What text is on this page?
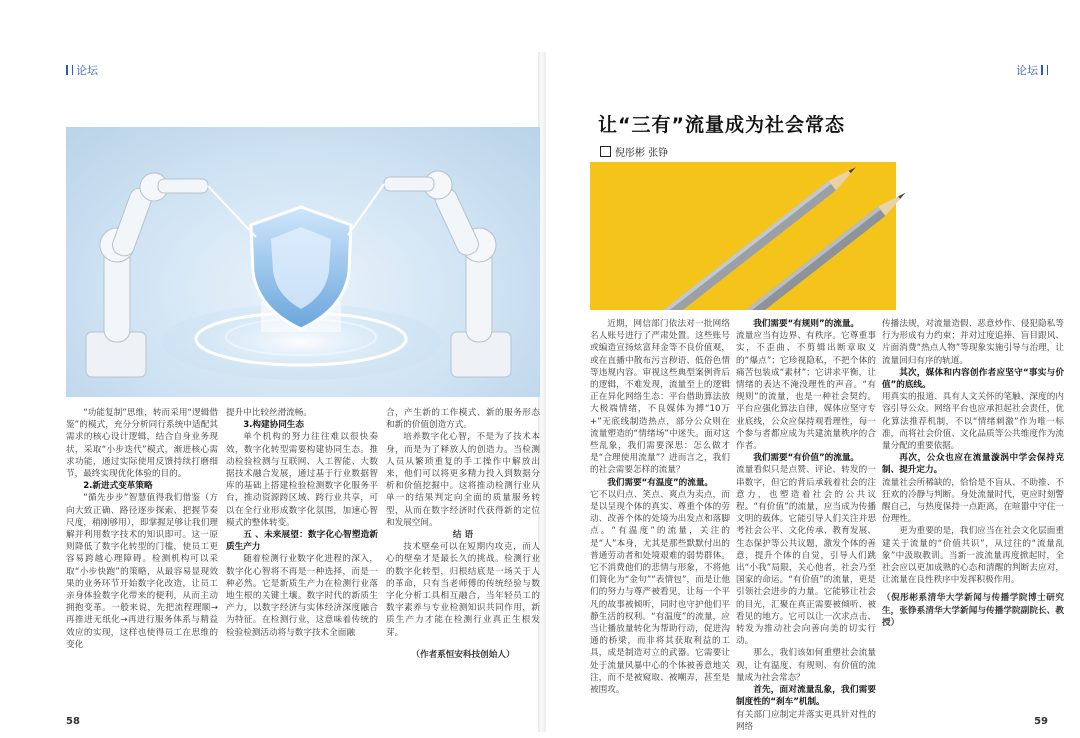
论坛

“功能复制”思维，转而采用“逻辑借鉴”的模式，充分分析同行系统中适配其需求的核心设计逻辑，结合自身业务现状，采取“小步迭代”模式，渐进核心需求功能，通过实际使用反馈持续打磨细节，最终实现优化体验的目的。

2.新进式变革策略

“循先步步”智慧值得我们借鉴（方向大致正确、路径逐步探索、把握节奏尺度，稍刚够用），即掌握足够让我们理解并利用数字技术的知识即可。这一原则降低了数字化转型的门槛，使员工更容易跨越心理障碍。检测机构可以采取“小步快跑”的策略，从最容易显现效果的业务环节开始数字化改造，让员工亲身体验数字化带来的便利，从而主动拥抱变革。一般来说，先把流程理顺→再推进无纸化→再进行服务体系与精益效应的实现，这样也使得员工在思维的变化

提升中比较丝滑流畅。

3.构建协同生态

单个机构的努力往往难以很快奏效，数字化转型需要构建协同生态。推动检验检测与互联网、人工智能、大数据技术融合发展，通过基于行业数据智库的基础上搭建检验检测数字化服务平台，推动资源跨区域、跨行业共享，可以在全行业形成数字化氛围，加速心智模式的整体转变。

五 、未来展望：数字化心智塑造新质生产力

随着检测行业数字化进程的深入，数字化心智将不再是一种选择，而是一种必然。它是新质生产力在检测行业落地生根的关键土壤。数字时代的新质生产力，以数字经济与实体经济深度融合为特征。在检测行业，这意味着传统的检验检测活动将与数字技术全面融

合，产生新的工作模式、新的服务形态和新的价值创造方式。

培养数字化心智，不是为了技术本身，而是为了释放人的创造力。当检测人员从繁琐重复的手工操作中解放出来，他们可以将更多精力投入到数据分析和价值挖掘中。这将推动检测行业从单一的结果判定向全面的质量服务转型，从而在数字经济时代获得新的定位和发展空间。

结 语

技术壁垒可以在短期内攻克，而人心的壁垒才是最长久的挑战。检测行业的数字化转型，归根结底是一场关于人的革命，只有当老师傅的传统经验与数字化分析工具相互融合，当年轻员工的数字素养与专业检测知识共同作用，新质生产力才能在检测行业真正生根发芽。

（作者系恒安科技创始人）

58
论坛
让“三有”流量成为社会常态
倪彤彬 张铮

近期，网信部门依法对一批网络名人账号进行了严肃处置。这些账号或编造宣扬炫富拜金等不良价值观，或在直播中散布污言秽语、低俗色情等违规内容。审视这些典型案例背后的逻辑，不难发现，流量至上的逻辑正在异化网络生态：平台借助算法放大极端情绪，不良媒体为搏“10万+”无底线制造热点，部分公众则在流量塑造的“情绪场”中迷失。面对这些乱象，我们需要深思：怎么做才是“合理使用流量”？进而言之，我们的社会需要怎样的流量？

我们需要“有温度”的流量。

它不以归点、笑点、爽点为卖点，而是以呈现个体的真实、尊重个体的劳动、改善个体的处境为出发点和落脚点。“有温度”的流量，关注的是“人”本身，尤其是那些默默付出的普通劳动者和处境艰难的弱势群体。它不消费他们的悲情与形象，不将他们简化为“金句”“表情包”，而是让他们的努力与尊严被看见，让每一个平凡的故事被倾听，同时也守护他们平静生活的权利。“有温度”的流量，应当让播放量转化为帮助行动，促进沟通的桥梁，而非将其获取利益的工具，成是制造对立的武器。它需要让处于流量风暴中心的个体被善意地关注，而不是被窥取、被嘲弄，甚至是被围攻。

我们需要“有规则”的流量。

流量应当有边界、有秩序。它尊重事实，不歪曲、不剪辑出断章取义的“爆点”；它珍视隐私，不把个体的痛苦包装成“素材”；它讲求平衡，让情绪的表达不淹没理性的声音。“有规则”的流量，也是一种社会契约。平台应强化算法自律，媒体应坚守专业底线，公众应保持观看理性，每一个参与者都应成为共建流量秩序的合作者。

我们需要“有价值”的流量。

流量看似只是点赞、评论、转发的一串数字，但它的背后承载着社会的注意力，也塑造着社会的公共议程。“有价值”的流量，应当成为传播文明的载体。它能引导人们关注并思考社会公平、文化传承、教育发展、生态保护等公共议题，激发个体的善意，提升个体的自觉，引导人们跳出“小我”局限，关心他者，社会乃至国家的命运。“有价值”的流量，更是引领社会进步的力量。它能够让社会的目光，汇聚在真正需要被倾听、被看见的地方。它可以让一次求点击、转发为推动社会向善向美的切实行动。

那么，我们该如何重塑社会流量观，让有温度、有规则、有价值的流量成为社会常态？

首先，面对流量乱象，我们需要制度性的“刹车”机制。

有关部门应制定并落实更具针对性的网络

传播法规，对流量造假、恶意炒作、侵犯隐私等行为形成有力约束；并对过度追捧、盲目跟风、片面消费“热点人物”等现象实施引导与治理，让流量回归有序的轨道。

其次，媒体和内容创作者应坚守“事实与价值”的底线。

用真实的报道、具有人文关怀的笔触、深度的内容引导公众。网络平台也应承担起社会责任，优化算法推荐机制，不以“情绪刺激”作为唯一标准，而将社会价值、文化品质等公共维度作为流量分配的重要依据。

再次，公众也应在流量漩涡中学会保持克制、提升定力。

流量社会所稀缺的，恰恰是不盲从、不助推、不狂欢的冷静与判断。身处流量时代，更应时刻警醒自己，与热度保持一点距离，在喧嚣中守住一份理性。

更为重要的是，我们应当在社会文化层面重建关于流量的“价值共识”，从过往的“流量乱象”中汲取教训。当新一波流量再度掀起时，全社会应以更加成熟的心态和清醒的判断去应对，让流量在良性秩序中发挥积极作用。

（倪彤彬系清华大学新闻与传播学院博士研究生，张铮系清华大学新闻与传播学院副院长、教授）

59
